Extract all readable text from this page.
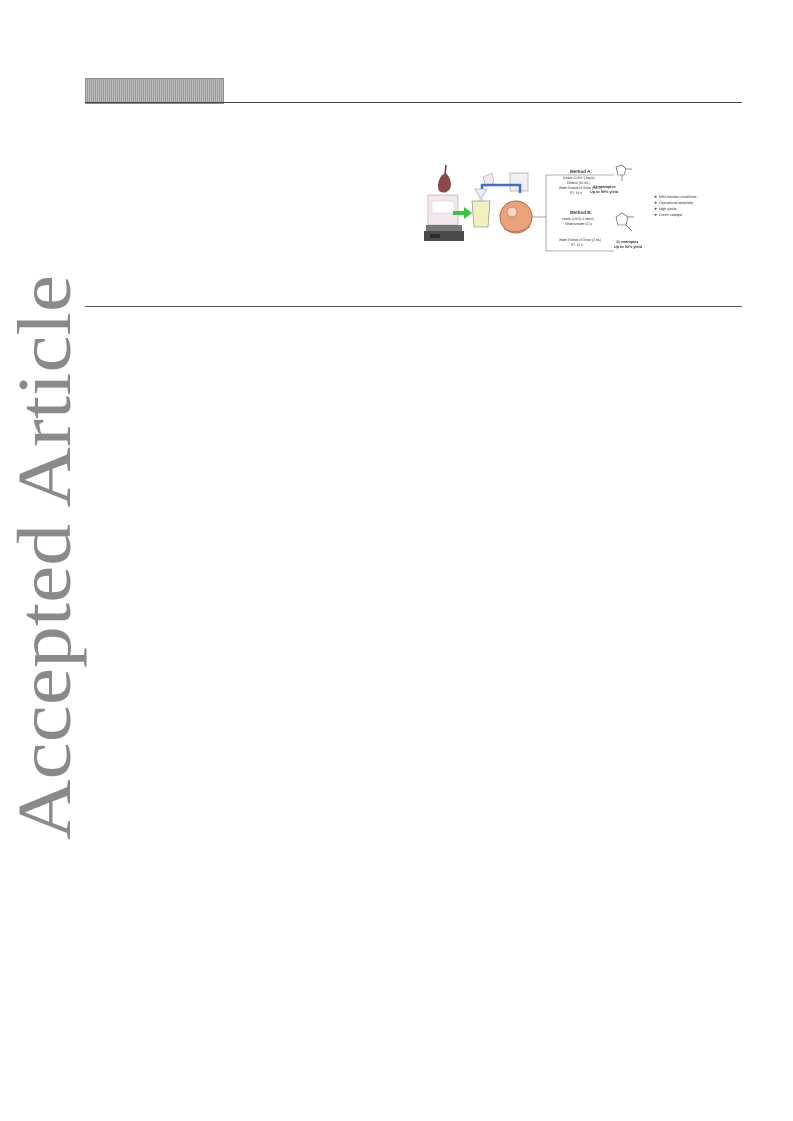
Accepted Article
Method A:
(Indole-3-Hl 0.1 equiv)
Ethanol (10 mL)
Water Extract of Onion (WEO)
RT, 15 h
21 examples
Up to 95% yield
Method B:
Indole-3-Hl (0.3 mmol)
Ethanol/water (2:1)
Water Extract of Onion (2 mL)
RT, 12 h
11 examples
Up to 92% yield
❖ Mild reaction conditions
❖ Operational simplicity
❖ High yields
❖ Green catalyst
